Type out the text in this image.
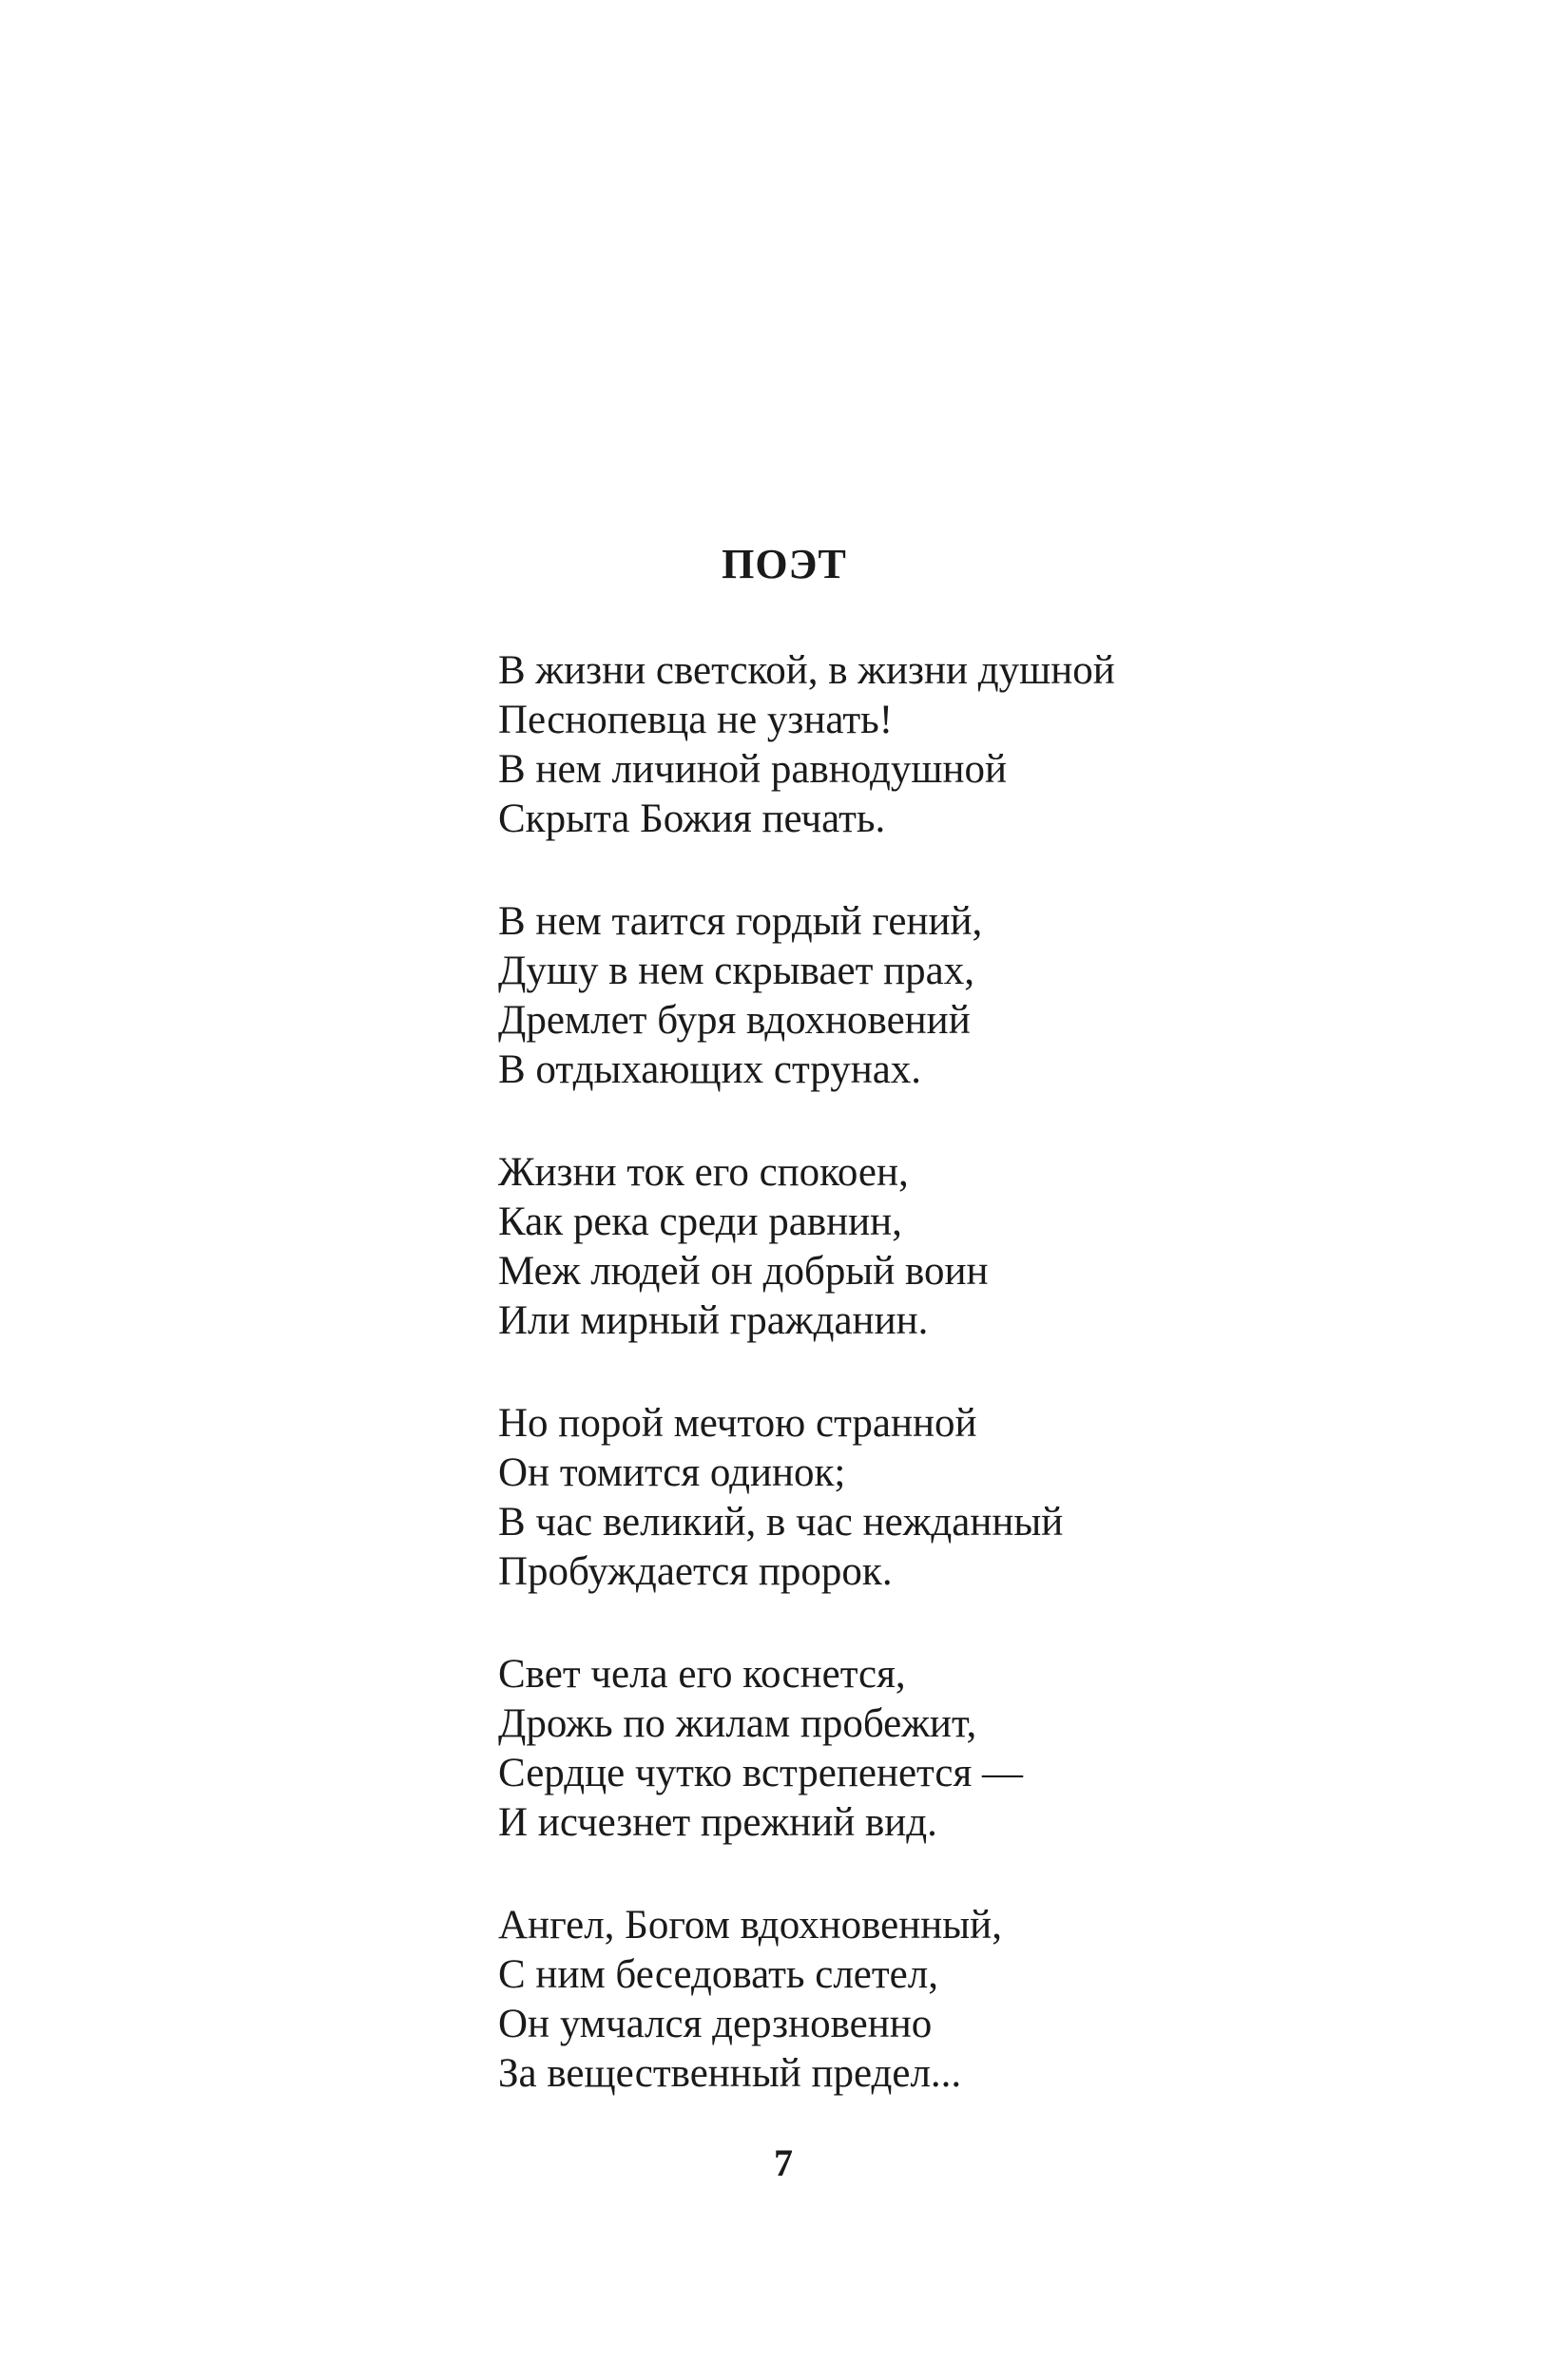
ПОЭТ
В жизни светской, в жизни душной
Песнопевца не узнать!
В нем личиной равнодушной
Скрыта Божия печать.
В нем таится гордый гений,
Душу в нем скрывает прах,
Дремлет буря вдохновений
В отдыхающих струнах.
Жизни ток его спокоен,
Как река среди равнин,
Меж людей он добрый воин
Или мирный гражданин.
Но порой мечтою странной
Он томится одинок;
В час великий, в час нежданный
Пробуждается пророк.
Свет чела его коснется,
Дрожь по жилам пробежит,
Сердце чутко встрепенется —
И исчезнет прежний вид.
Ангел, Богом вдохновенный,
С ним беседовать слетел,
Он умчался дерзновенно
За вещественный предел...
7
